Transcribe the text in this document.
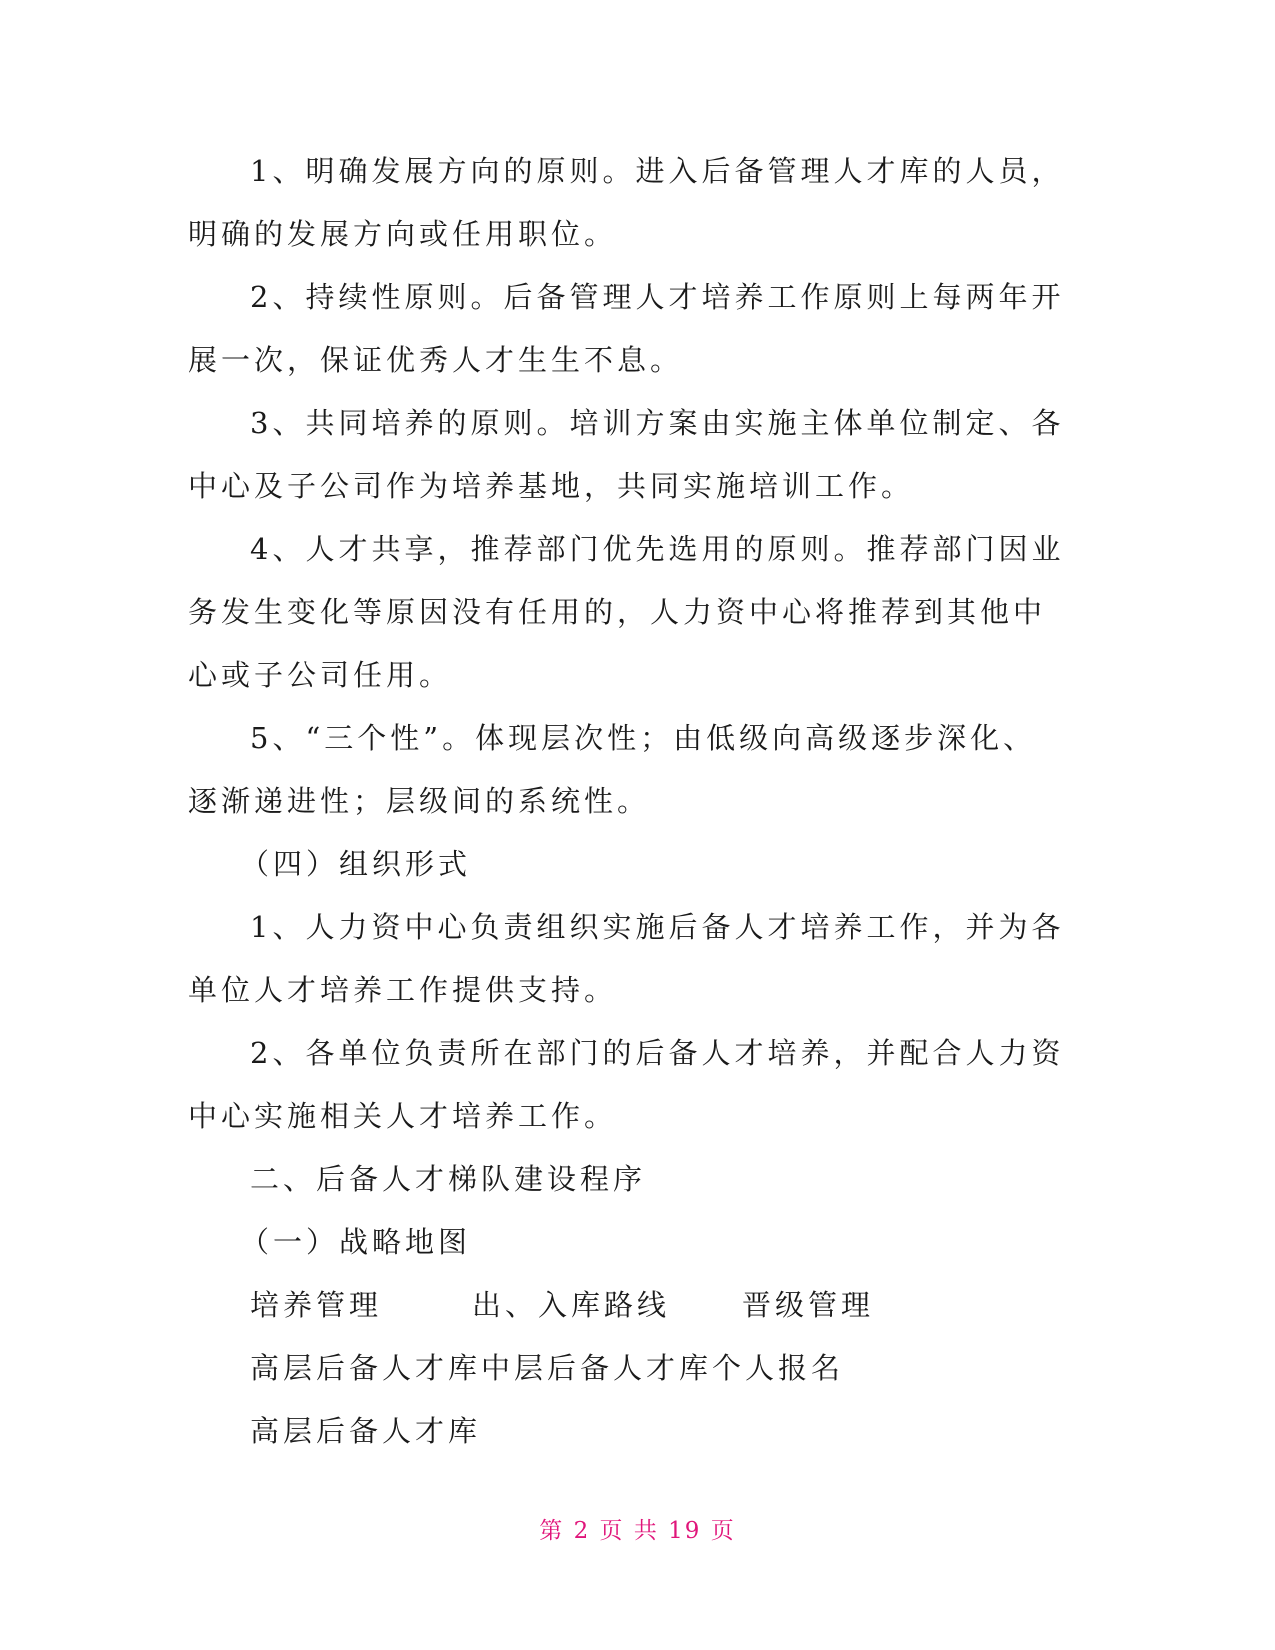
1、明确发展方向的原则。进入后备管理人才库的人员，明确的发展方向或任用职位。

2、持续性原则。后备管理人才培养工作原则上每两年开展一次，保证优秀人才生生不息。

3、共同培养的原则。培训方案由实施主体单位制定、各中心及子公司作为培养基地，共同实施培训工作。

4、人才共享，推荐部门优先选用的原则。推荐部门因业务发生变化等原因没有任用的，人力资中心将推荐到其他中心或子公司任用。

5、“三个性”。体现层次性；由低级向高级逐步深化、逐渐递进性；层级间的系统性。

（四）组织形式

1、人力资中心负责组织实施后备人才培养工作，并为各单位人才培养工作提供支持。

2、各单位负责所在部门的后备人才培养，并配合人力资中心实施相关人才培养工作。

二、后备人才梯队建设程序

（一）战略地图

培养管理	出、入库路线	晋级管理
高层后备人才库中层后备人才库个人报名
高层后备人才库
第 2 页 共 19 页
